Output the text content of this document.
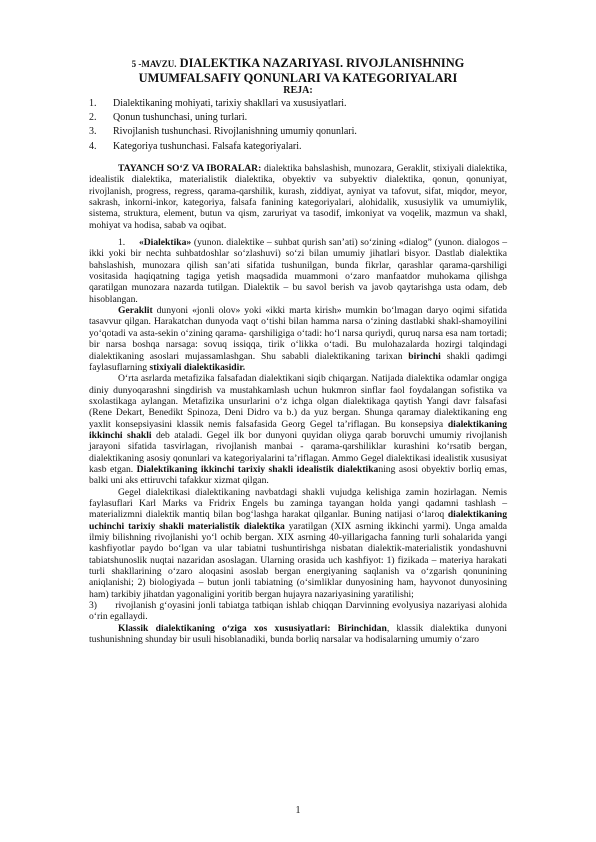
5 -MAVZU. DIALEKTIKA NAZARIYASI. RIVOJLANISHNING
UMUMFALSAFIY QONUNLARI VA KATEGORIYALARI
REJA:
1. Dialektikaning mohiyati, tarixiy shakllari va xususiyatlari.
2. Qonun tushunchasi, uning turlari.
3. Rivojlanish tushunchasi. Rivojlanishning umumiy qonunlari.
4. Kategoriya tushunchasi. Falsafa kategoriyalari.

TAYANCH SO‘Z VA IBORALAR: dialektika bahslashish, munozara, Geraklit, stixiyali dialektika, idealistik dialektika, materialistik dialektika, obyektiv va subyektiv dialektika, qonun, qonuniyat, rivojlanish, progress, regress, qarama-qarshilik, kurash, ziddiyat, ayniyat va tafovut, sifat, miqdor, meyor, sakrash, inkorni-inkor, kategoriya, falsafa fanining kategoriyalari, alohidalik, xususiylik va umumiylik, sistema, struktura, element, butun va qism, zaruriyat va tasodif, imkoniyat va voqelik, mazmun va shakl, mohiyat va hodisa, sabab va oqibat.

1. «Dialektika» (yunon. dialektike – suhbat qurish san’ati) so‘zining «dialog” (yunon. dialogos – ikki yoki bir nechta suhbatdoshlar so‘zlashuvi) so‘zi bilan umumiy jihatlari bisyor. Dastlab dialektika bahslashish, munozara qilish san’ati sifatida tushunilgan, bunda fikrlar, qarashlar qarama-qarshiligi vositasida haqiqatning tagiga yetish maqsadida muammoni o‘zaro manfaatdor muhokama qilishga qaratilgan munozara nazarda tutilgan. Dialektik – bu savol berish va javob qaytarishga usta odam, deb hisoblangan.

Geraklit dunyoni «jonli olov» yoki «ikki marta kirish» mumkin bo‘lmagan daryo oqimi sifatida tasavvur qilgan. Harakatchan dunyoda vaqt o‘tishi bilan hamma narsa o‘zining dastlabki shakl-shamoyilini yo‘qotadi va asta-sekin o‘zining qarama- qarshiligiga o‘tadi: ho‘l narsa quriydi, quruq narsa esa nam tortadi; bir narsa boshqa narsaga: sovuq issiqqa, tirik o‘likka o‘tadi. Bu mulohazalarda hozirgi talqindagi dialektikaning asoslari mujassamlashgan. Shu sababli dialektikaning tarixan birinchi shakli qadimgi faylasuflarning stixiyali dialektikasidir.

O‘rta asrlarda metafizika falsafadan dialektikani siqib chiqargan. Natijada dialektika odamlar ongiga diniy dunyoqarashni singdirish va mustahkamlash uchun hukmron sinflar faol foydalangan sofistika va sxolastikaga aylangan. Metafizika unsurlarini o‘z ichga olgan dialektikaga qaytish Yangi davr falsafasi (Rene Dekart, Benedikt Spinoza, Deni Didro va b.) da yuz bergan. Shunga qaramay dialektikaning eng yaxlit konsepsiyasini klassik nemis falsafasida Georg Gegel ta’riflagan. Bu konsepsiya dialektikaning ikkinchi shakli deb ataladi. Gegel ilk bor dunyoni quyidan oliyga qarab boruvchi umumiy rivojlanish jarayoni sifatida tasvirlagan, rivojlanish manbai - qarama-qarshiliklar kurashini ko‘rsatib bergan, dialektikaning asosiy qonunlari va kategoriyalarini ta’riflagan. Ammo Gegel dialektikasi idealistik xususiyat kasb etgan. Dialektikaning ikkinchi tarixiy shakli idealistik dialektikaning asosi obyektiv borliq emas, balki uni aks ettiruvchi tafakkur xizmat qilgan.

Gegel dialektikasi dialektikaning navbatdagi shakli vujudga kelishiga zamin hozirlagan. Nemis faylasuflari Karl Marks va Fridrix Engels bu zaminga tayangan holda yangi qadamni tashlash – materializmni dialektik mantiq bilan bog‘lashga harakat qilganlar. Buning natijasi o‘laroq dialektikaning uchinchi tarixiy shakli materialistik dialektika yaratilgan (XIX asrning ikkinchi yarmi). Unga amalda ilmiy bilishning rivojlanishi yo‘l ochib bergan. XIX asrning 40-yillarigacha fanning turli sohalarida yangi kashfiyotlar paydo bo‘lgan va ular tabiatni tushuntirishga nisbatan dialektik-materialistik yondashuvni tabiatshunoslik nuqtai nazaridan asoslagan. Ularning orasida uch kashfiyot: 1) fizikada – materiya harakati turli shakllarining o‘zaro aloqasini asoslab bergan energiyaning saqlanish va o‘zgarish qonunining aniqlanishi; 2) biologiyada – butun jonli tabiatning (o‘simliklar dunyosining ham, hayvonot dunyosining ham) tarkibiy jihatdan yagonaligini yoritib bergan hujayra nazariyasining yaratilishi;

3) rivojlanish g‘oyasini jonli tabiatga tatbiqan ishlab chiqqan Darvinning evolyusiya nazariyasi alohida o‘rin egallaydi.

Klassik dialektikaning o‘ziga xos xususiyatlari: Birinchidan, klassik dialektika dunyoni tushunishning shunday bir usuli hisoblanadiki, bunda borliq narsalar va hodisalarning umumiy o‘zaro

1
